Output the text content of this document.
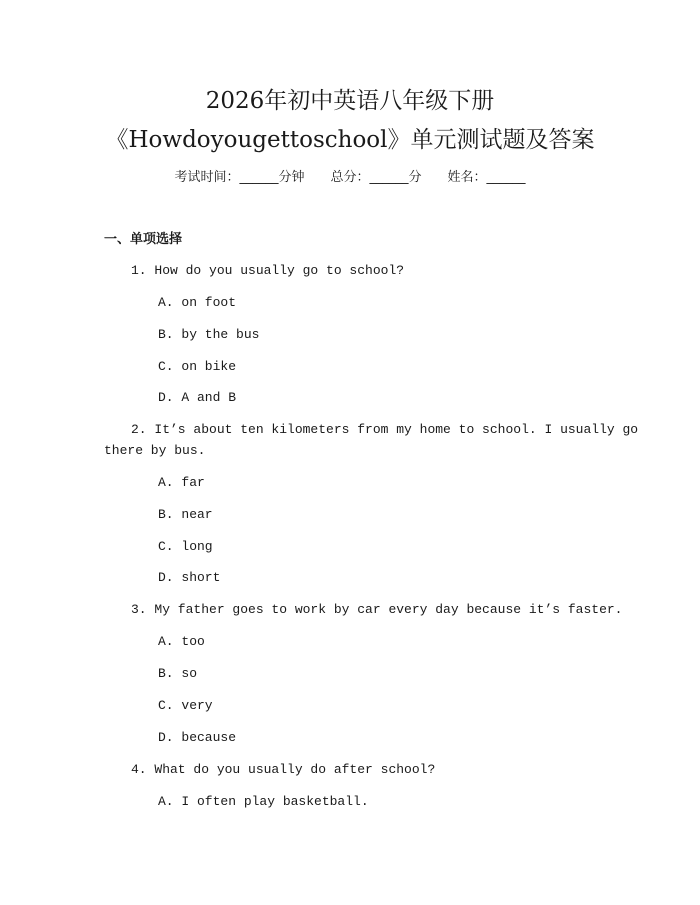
2026年初中英语八年级下册
《Howdoyougettoschool》单元测试题及答案
考试时间：______分钟 总分：______分 姓名：______
一、单项选择
1. How do you usually go to school?
A. on foot
B. by the bus
C. on bike
D. A and B
2. It’s about ten kilometers from my home to school. I usually go
there by bus.
A. far
B. near
C. long
D. short
3. My father goes to work by car every day because it’s faster.
A. too
B. so
C. very
D. because
4. What do you usually do after school?
A. I often play basketball.
